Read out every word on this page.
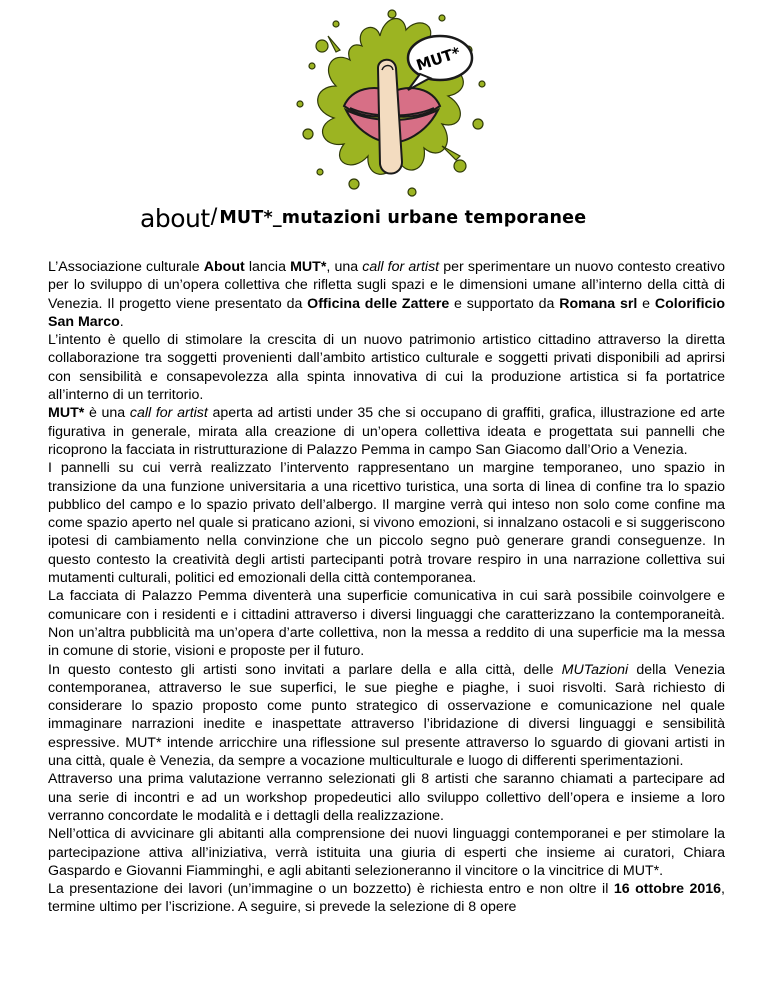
MUT*
about / MUT*_mutazioni urbane temporanee

L’Associazione culturale About lancia MUT*, una call for artist per sperimentare un nuovo contesto creativo per lo sviluppo di un’opera collettiva che rifletta sugli spazi e le dimensioni umane all’interno della città di Venezia. Il progetto viene presentato da Officina delle Zattere e supportato da Romana srl e Colorificio San Marco.

L’intento è quello di stimolare la crescita di un nuovo patrimonio artistico cittadino attraverso la diretta collaborazione tra soggetti provenienti dall’ambito artistico culturale e soggetti privati disponibili ad aprirsi con sensibilità e consapevolezza alla spinta innovativa di cui la produzione artistica si fa portatrice all’interno di un territorio.

MUT* è una call for artist aperta ad artisti under 35 che si occupano di graffiti, grafica, illustrazione ed arte figurativa in generale, mirata alla creazione di un’opera collettiva ideata e progettata sui pannelli che ricoprono la facciata in ristrutturazione di Palazzo Pemma in campo San Giacomo dall’Orio a Venezia.

I pannelli su cui verrà realizzato l’intervento rappresentano un margine temporaneo, uno spazio in transizione da una funzione universitaria a una ricettivo turistica, una sorta di linea di confine tra lo spazio pubblico del campo e lo spazio privato dell’albergo. Il margine verrà qui inteso non solo come confine ma come spazio aperto nel quale si praticano azioni, si vivono emozioni, si innalzano ostacoli e si suggeriscono ipotesi di cambiamento nella convinzione che un piccolo segno può generare grandi conseguenze. In questo contesto la creatività degli artisti partecipanti potrà trovare respiro in una narrazione collettiva sui mutamenti culturali, politici ed emozionali della città contemporanea.

La facciata di Palazzo Pemma diventerà una superficie comunicativa in cui sarà possibile coinvolgere e comunicare con i residenti e i cittadini attraverso i diversi linguaggi che caratterizzano la contemporaneità. Non un’altra pubblicità ma un’opera d’arte collettiva, non la messa a reddito di una superficie ma la messa in comune di storie, visioni e proposte per il futuro.

In questo contesto gli artisti sono invitati a parlare della e alla città, delle MUTazioni della Venezia contemporanea, attraverso le sue superfici, le sue pieghe e piaghe, i suoi risvolti. Sarà richiesto di considerare lo spazio proposto come punto strategico di osservazione e comunicazione nel quale immaginare narrazioni inedite e inaspettate attraverso l’ibridazione di diversi linguaggi e sensibilità espressive. MUT* intende arricchire una riflessione sul presente attraverso lo sguardo di giovani artisti in una città, quale è Venezia, da sempre a vocazione multiculturale e luogo di differenti sperimentazioni.

Attraverso una prima valutazione verranno selezionati gli 8 artisti che saranno chiamati a partecipare ad una serie di incontri e ad un workshop propedeutici allo sviluppo collettivo dell’opera e insieme a loro verranno concordate le modalità e i dettagli della realizzazione.

Nell’ottica di avvicinare gli abitanti alla comprensione dei nuovi linguaggi contemporanei e per stimolare la partecipazione attiva all’iniziativa, verrà istituita una giuria di esperti che insieme ai curatori, Chiara Gaspardo e Giovanni Fiamminghi, e agli abitanti selezioneranno il vincitore o la vincitrice di MUT*.

La presentazione dei lavori (un’immagine o un bozzetto) è richiesta entro e non oltre il 16 ottobre 2016, termine ultimo per l’iscrizione. A seguire, si prevede la selezione di 8 opere
